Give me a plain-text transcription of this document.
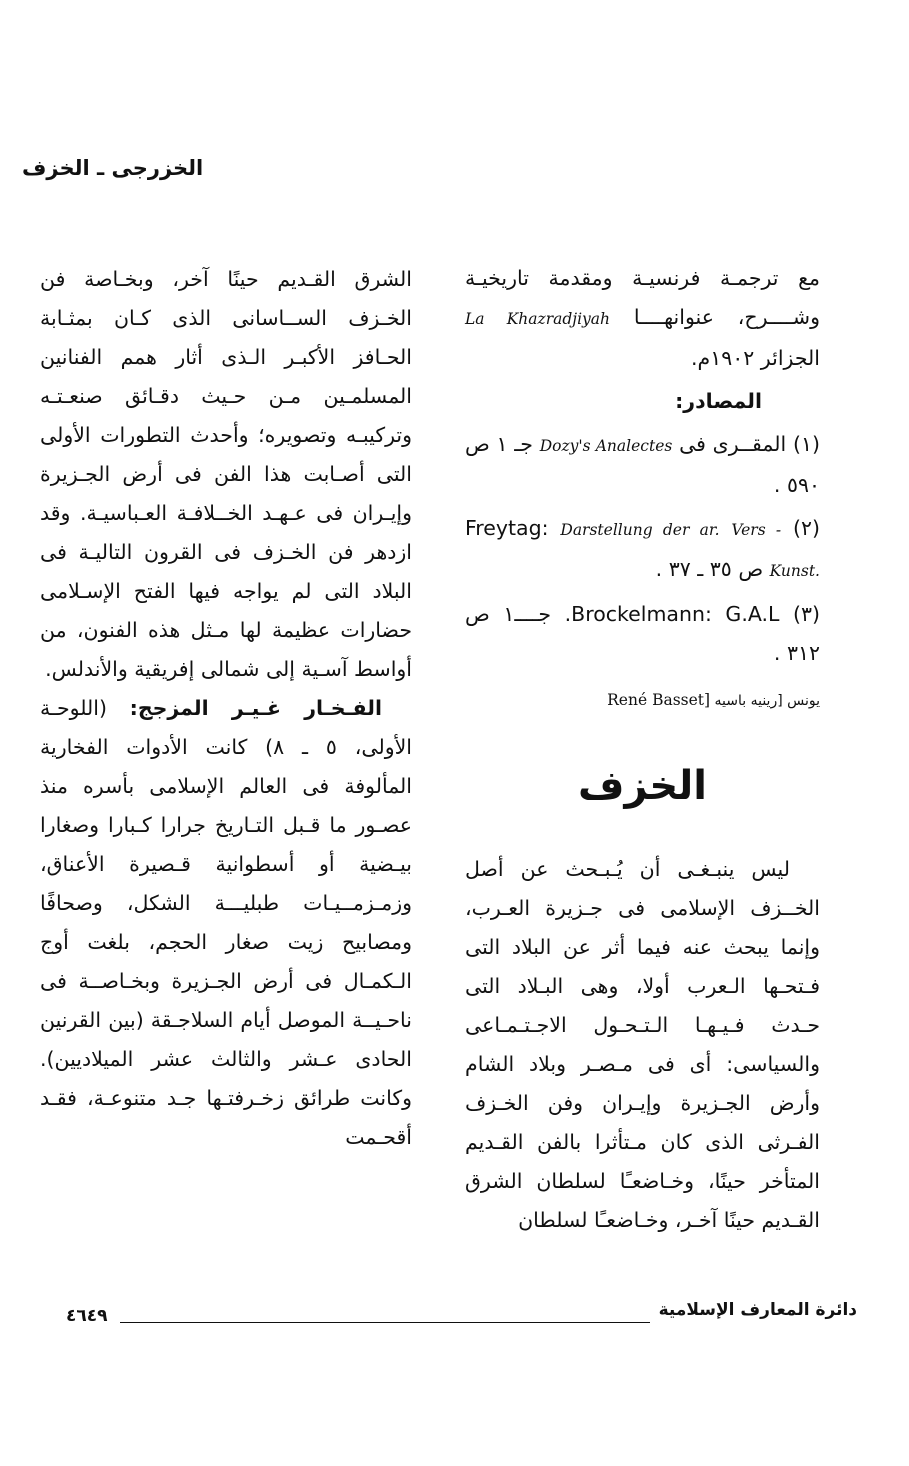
الخزرجى ـ الخزف

مع ترجمـة فرنسيـة ومقدمة تاريخيـة وشــــرح، عنوانهــــا La Khazradjiyah الجزائر ١٩٠٢م.

المصادر:

(١) المقــرى فى Dozy's Analectes جـ ١ ص ٥٩٠ .

(٢) Freytag: Darstellung der ar. Vers - Kunst. ص ٣٥ ـ ٣٧ .

(٣) Brockelmann: G.A.L. جــــ١ ص ٣١٢ .

يونس [رينيه باسيه René Basset]

الخزف

ليس ينبـغـى أن يُـبـحث عن أصل الخــزف الإسلامى فى جـزيرة العـرب، وإنما يبحث عنه فيما أثر عن البلاد التى فـتحـها الـعرب أولا، وهى البـلاد التى حـدث فـيـهـا الـتـحـول الاجـتـمـاعى والسياسى: أى فى مـصـر وبلاد الشام وأرض الجـزيرة وإيـران وفن الخـزف الفـرثى الذى كان مـتأثرا بالفن القـديم المتأخر حينًا، وخـاضعـًا لسلطان الشرق القـديم حينًا آخـر، وخـاضعـًا لسلطان

الشرق القـديم حينًا آخر، وبخـاصة فن الخـزف الســاسانى الذى كـان بمثـابة الحـافز الأكبـر الـذى أثار همم الفنانين المسلمـين مـن حـيث دقـائق صنعـتـه وتركيبـه وتصويره؛ وأحدث التطورات الأولى التى أصـابت هذا الفن فى أرض الجـزيرة وإيـران فى عـهـد الخــلافـة العـباسيـة. وقد ازدهر فن الخـزف فى القرون التاليـة فى البلاد التى لم يواجه فيها الفتح الإسـلامى حضارات عظيمة لها مـثل هذه الفنون، من أواسط آسـية إلى شمالى إفريقية والأندلس.

الفـخـار غـيـر المزجج: (اللوحـة الأولى، ٥ ـ ٨) كانت الأدوات الفخارية المألوفة فى العالم الإسلامى بأسره منذ عصـور ما قـبل التـاريخ جرارا كـبارا وصغارا بيـضية أو أسطوانية قـصيرة الأعناق، وزمـزمــيـات طبليـــة الشكل، وصحافًا ومصابيح زيت صغار الحجم، بلغت أوج الـكمـال فى أرض الجـزيرة وبخـاصــة فى ناحـيــة الموصل أيام السلاجـقة (بين القرنين الحادى عـشر والثالث عشر الميلاديين). وكانت طرائق زخـرفتـها جـد متنوعـة، فقـد أقحـمت

دائرة المعارف الإسلامية
٤٦٤٩
